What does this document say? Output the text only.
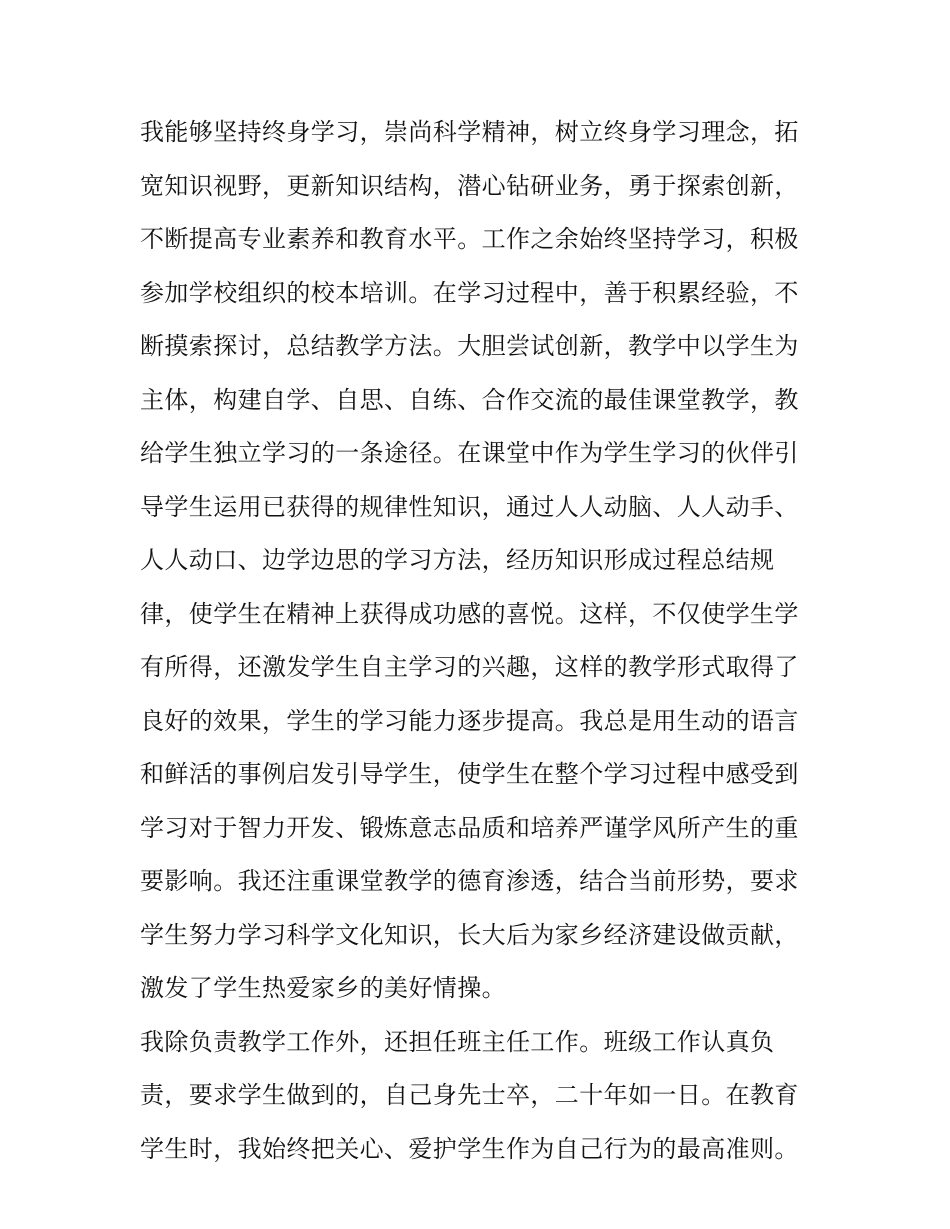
我能够坚持终身学习，崇尚科学精神，树立终身学习理念，拓
宽知识视野，更新知识结构，潜心钻研业务，勇于探索创新，
不断提高专业素养和教育水平。工作之余始终坚持学习，积极
参加学校组织的校本培训。在学习过程中，善于积累经验，不
断摸索探讨，总结教学方法。大胆尝试创新，教学中以学生为
主体，构建自学、自思、自练、合作交流的最佳课堂教学，教
给学生独立学习的一条途径。在课堂中作为学生学习的伙伴引
导学生运用已获得的规律性知识，通过人人动脑、人人动手、
人人动口、边学边思的学习方法，经历知识形成过程总结规
律，使学生在精神上获得成功感的喜悦。这样，不仅使学生学
有所得，还激发学生自主学习的兴趣，这样的教学形式取得了
良好的效果，学生的学习能力逐步提高。我总是用生动的语言
和鲜活的事例启发引导学生，使学生在整个学习过程中感受到
学习对于智力开发、锻炼意志品质和培养严谨学风所产生的重
要影响。我还注重课堂教学的德育渗透，结合当前形势，要求
学生努力学习科学文化知识，长大后为家乡经济建设做贡献，
激发了学生热爱家乡的美好情操。
我除负责教学工作外，还担任班主任工作。班级工作认真负
责，要求学生做到的，自己身先士卒，二十年如一日。在教育
学生时，我始终把关心、爱护学生作为自己行为的最高准则。
